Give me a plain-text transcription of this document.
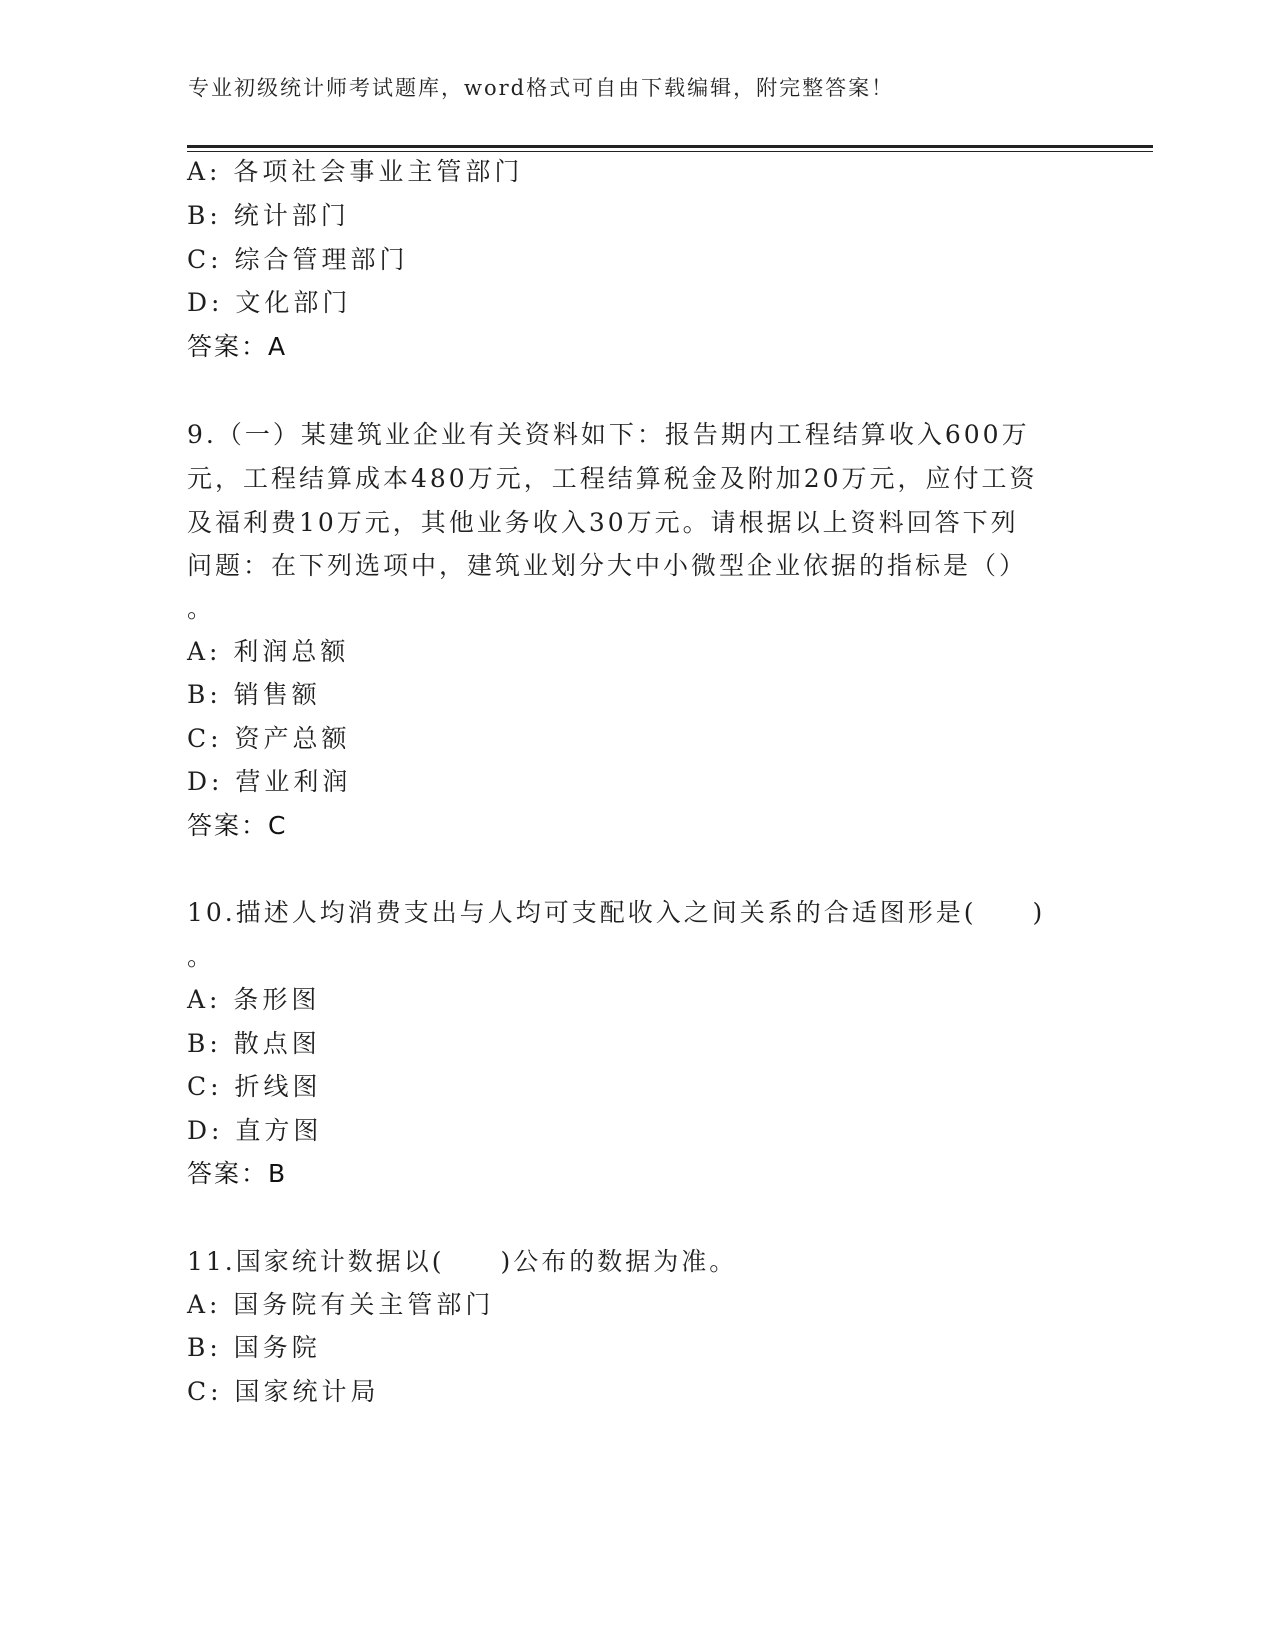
专业初级统计师考试题库，word格式可自由下载编辑，附完整答案！
A: 各项社会事业主管部门
B: 统计部门
C: 综合管理部门
D: 文化部门
答案：A
9.（一）某建筑业企业有关资料如下：报告期内工程结算收入600万
元，工程结算成本480万元，工程结算税金及附加20万元，应付工资
及福利费10万元，其他业务收入30万元。请根据以上资料回答下列
问题：在下列选项中，建筑业划分大中小微型企业依据的指标是（）
。
A: 利润总额
B: 销售额
C: 资产总额
D: 营业利润
答案：C
10.描述人均消费支出与人均可支配收入之间关系的合适图形是(　　)
。
A: 条形图
B: 散点图
C: 折线图
D: 直方图
答案：B
11.国家统计数据以(　　)公布的数据为准。
A: 国务院有关主管部门
B: 国务院
C: 国家统计局
